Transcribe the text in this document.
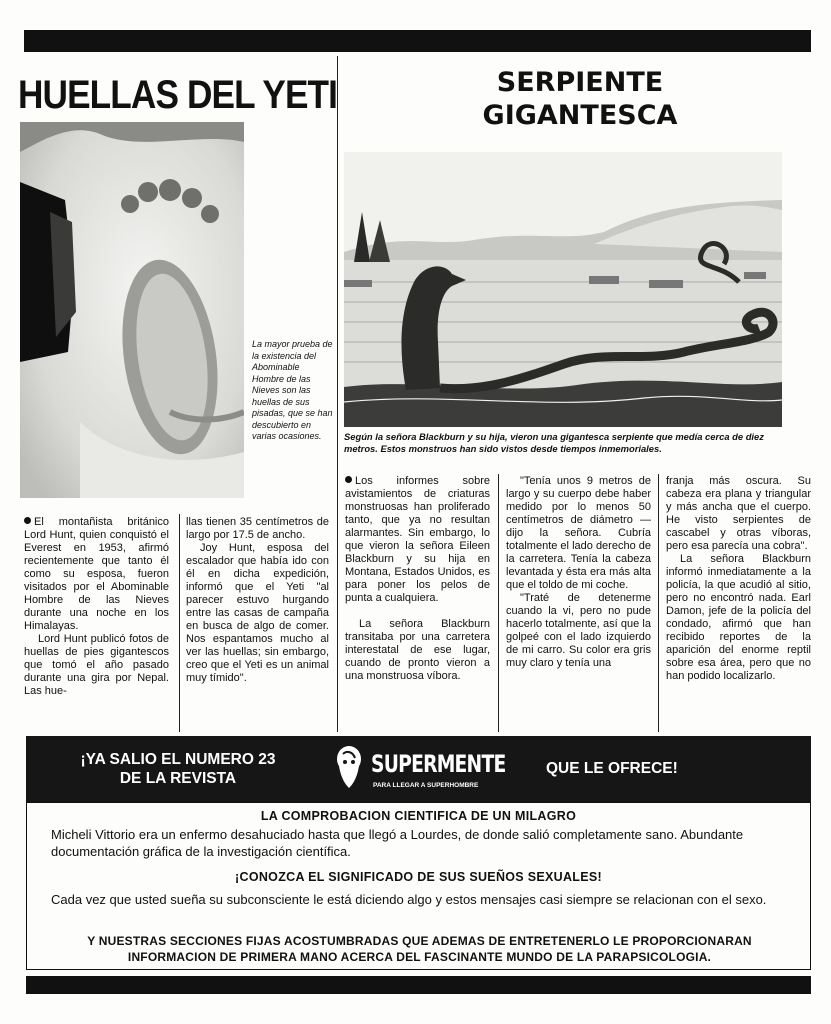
HUELLAS DEL YETI
La mayor prueba de la existencia del Abominable Hombre de las Nieves son las huellas de sus pisadas, que se han descubierto en varias ocasiones.

El montañista británico Lord Hunt, quien conquistó el Everest en 1953, afirmó recientemente que tanto él como su esposa, fueron visitados por el Abominable Hombre de las Nieves durante una noche en los Himalayas.

Lord Hunt publicó fotos de huellas de pies gigantescos que tomó el año pasado durante una gira por Nepal. Las hue-

llas tienen 35 centímetros de largo por 17.5 de ancho.

Joy Hunt, esposa del escalador que había ido con él en dicha expedición, informó que el Yeti "al parecer estuvo hurgando entre las casas de campaña en busca de algo de comer. Nos espantamos mucho al ver las huellas; sin embargo, creo que el Yeti es un animal muy tímido".

SERPIENTE
GIGANTESCA
Según la señora Blackburn y su hija, vieron una gigantesca serpiente que medía cerca de diez metros. Estos monstruos han sido vistos desde tiempos inmemoriales.

Los informes sobre avistamientos de criaturas monstruosas han proliferado tanto, que ya no resultan alarmantes. Sin embargo, lo que vieron la señora Eileen Blackburn y su hija en Montana, Estados Unidos, es para poner los pelos de punta a cualquiera.

La señora Blackburn transitaba por una carretera interestatal de ese lugar, cuando de pronto vieron a una monstruosa víbora.

"Tenía unos 9 metros de largo y su cuerpo debe haber medido por lo menos 50 centímetros de diámetro —dijo la señora. Cubría totalmente el lado derecho de la carretera. Tenía la cabeza levantada y ésta era más alta que el toldo de mi coche.

"Traté de detenerme cuando la vi, pero no pude hacerlo totalmente, así que la golpeé con el lado izquierdo de mi carro. Su color era gris muy claro y tenía una

franja más oscura. Su cabeza era plana y triangular y más ancha que el cuerpo. He visto serpientes de cascabel y otras víboras, pero esa parecía una cobra".

La señora Blackburn informó inmediatamente a la policía, la que acudió al sitio, pero no encontró nada. Earl Damon, jefe de la policía del condado, afirmó que han recibido reportes de la aparición del enorme reptil sobre esa área, pero que no han podido localizarlo.

¡YA SALIO EL NUMERO 23
DE LA REVISTA
SUPERMENTE
PARA LLEGAR A SUPERHOMBRE
QUE LE OFRECE!
LA COMPROBACION CIENTIFICA DE UN MILAGRO
Micheli Vittorio era un enfermo desahuciado hasta que llegó a Lourdes, de donde salió completamente sano. Abundante documentación gráfica de la investigación científica.
¡CONOZCA EL SIGNIFICADO DE SUS SUEÑOS SEXUALES!
Cada vez que usted sueña su subconsciente le está diciendo algo y estos mensajes casi siempre se relacionan con el sexo.
Y NUESTRAS SECCIONES FIJAS ACOSTUMBRADAS QUE ADEMAS DE ENTRETENERLO LE PROPORCIONARAN
INFORMACION DE PRIMERA MANO ACERCA DEL FASCINANTE MUNDO DE LA PARAPSICOLOGIA.
